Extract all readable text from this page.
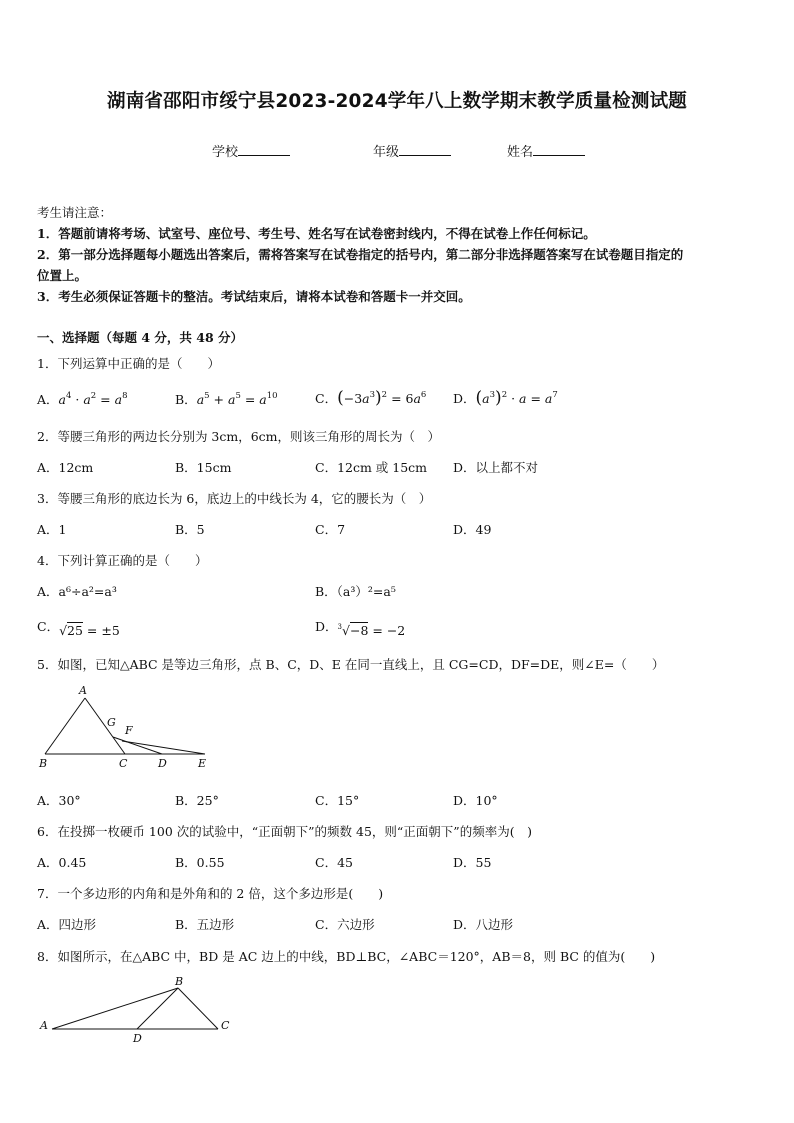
湖南省邵阳市绥宁县2023-2024学年八上数学期末教学质量检测试题
学校	年级	姓名
考生请注意：
1．答题前请将考场、试室号、座位号、考生号、姓名写在试卷密封线内，不得在试卷上作任何标记。
2．第一部分选择题每小题选出答案后，需将答案写在试卷指定的括号内，第二部分非选择题答案写在试卷题目指定的
位置上。
3．考生必须保证答题卡的整洁。考试结束后，请将本试卷和答题卡一并交回。
一、选择题（每题 4 分，共 48 分）
1．下列运算中正确的是（　　）
A．$a^4 \cdot a^2 = a^8$	B．$a^5 + a^5 = a^{10}$	C．$(-3a^3)^2 = 6a^6$ D．$(a^3)^2 \cdot a = a^7$
2．等腰三角形的两边长分别为 3cm，6cm，则该三角形的周长为（　）
A．12cm	B．15cm	C．12cm 或 15cm D．以上都不对
3．等腰三角形的底边长为 6，底边上的中线长为 4，它的腰长为（　）
A．1	B．5	C．7	D．49
4．下列计算正确的是（　　）
A．a⁶÷a²=a³	B．（a³）²=a⁵
C．√25 = ±5	D．$^3$√−8 = −2
5．如图，已知△ABC 是等边三角形，点 B、C，D、E 在同一直线上，且 CG=CD，DF=DE，则∠E=（　　）
A
G
F
B	C	D	E
A．30°	B．25°	C．15°	D．10°
6．在投掷一枚硬币 100 次的试验中，“正面朝下”的频数 45，则“正面朝下”的频率为(　)
A．0.45	B．0.55	C．45	D．55
7．一个多边形的内角和是外角和的 2 倍，这个多边形是(　　)
A．四边形	B．五边形	C．六边形	D．八边形
8．如图所示，在△ABC 中，BD 是 AC 边上的中线，BD⊥BC，∠ABC＝120°，AB＝8，则 BC 的值为(　　)
B
A	C
D
